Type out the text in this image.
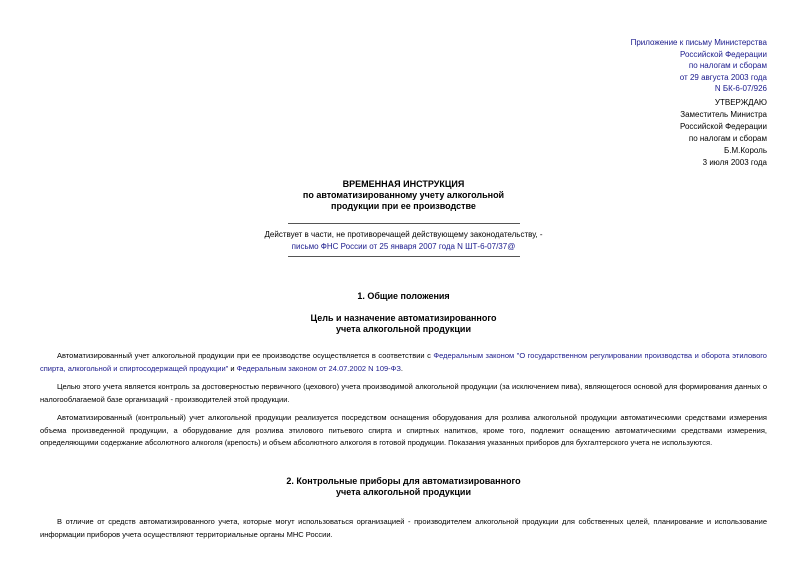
Приложение к письму Министерства
Российской Федерации
по налогам и сборам
от 29 августа 2003 года
N БК-6-07/926
УТВЕРЖДАЮ
Заместитель Министра
Российской Федерации
по налогам и сборам
Б.М.Король
3 июля 2003 года
ВРЕМЕННАЯ ИНСТРУКЦИЯ
по автоматизированному учету алкогольной
продукции при ее производстве
Действует в части, не противоречащей действующему законодательству, -
письмо ФНС России от 25 января 2007 года N ШТ-6-07/37@
1. Общие положения
Цель и назначение автоматизированного
учета алкогольной продукции

Автоматизированный учет алкогольной продукции при ее производстве осуществляется в соответствии с Федеральным законом "О государственном регулировании производства и оборота этилового спирта, алкогольной и спиртосодержащей продукции" и Федеральным законом от 24.07.2002 N 109-ФЗ.

Целью этого учета является контроль за достоверностью первичного (цехового) учета производимой алкогольной продукции (за исключением пива), являющегося основой для формирования данных о налогооблагаемой базе организаций - производителей этой продукции.

Автоматизированный (контрольный) учет алкогольной продукции реализуется посредством оснащения оборудования для розлива алкогольной продукции автоматическими средствами измерения объема произведенной продукции, а оборудование для розлива этилового питьевого спирта и спиртных напитков, кроме того, подлежит оснащению автоматическими средствами измерения, определяющими содержание абсолютного алкоголя (крепость) и объем абсолютного алкоголя в готовой продукции. Показания указанных приборов для бухгалтерского учета не используются.

2. Контрольные приборы для автоматизированного
учета алкогольной продукции

В отличие от средств автоматизированного учета, которые могут использоваться организацией - производителем алкогольной продукции для собственных целей, планирование и использование информации приборов учета осуществляют территориальные органы МНС России.
